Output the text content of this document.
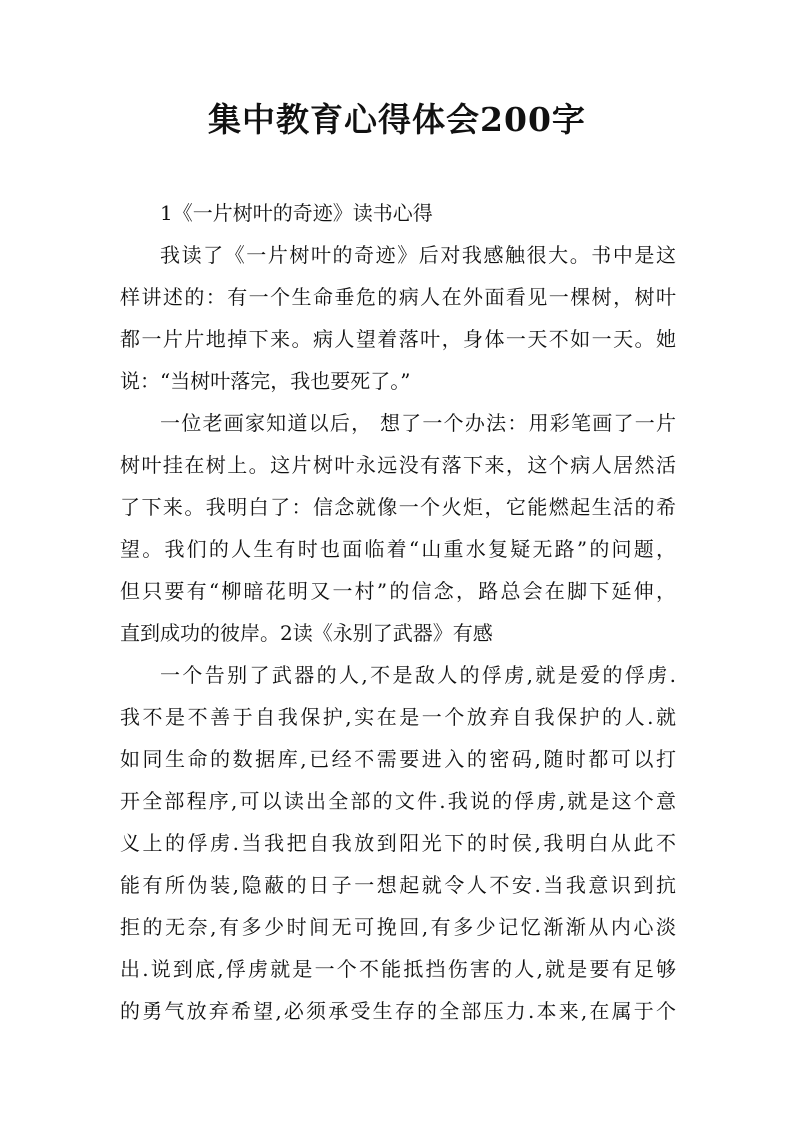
集中教育心得体会200字

1《一片树叶的奇迹》读书心得

我读了《一片树叶的奇迹》后对我感触很大。书中是这

样讲述的：有一个生命垂危的病人在外面看见一棵树，树叶

都一片片地掉下来。病人望着落叶，身体一天不如一天。她

说：“当树叶落完，我也要死了。”

一位老画家知道以后， 想了一个办法：用彩笔画了一片

树叶挂在树上。这片树叶永远没有落下来，这个病人居然活

了下来。我明白了：信念就像一个火炬，它能燃起生活的希

望。我们的人生有时也面临着“山重水复疑无路”的问题，

但只要有“柳暗花明又一村”的信念，路总会在脚下延伸，

直到成功的彼岸。2读《永别了武器》有感

一个告别了武器的人,不是敌人的俘虏,就是爱的俘虏.

我不是不善于自我保护,实在是一个放弃自我保护的人.就

如同生命的数据库,已经不需要进入的密码,随时都可以打

开全部程序,可以读出全部的文件.我说的俘虏,就是这个意

义上的俘虏.当我把自我放到阳光下的时侯,我明白从此不

能有所伪装,隐蔽的日子一想起就令人不安.当我意识到抗

拒的无奈,有多少时间无可挽回,有多少记忆渐渐从内心淡

出.说到底,俘虏就是一个不能抵挡伤害的人,就是要有足够

的勇气放弃希望,必须承受生存的全部压力.本来,在属于个
